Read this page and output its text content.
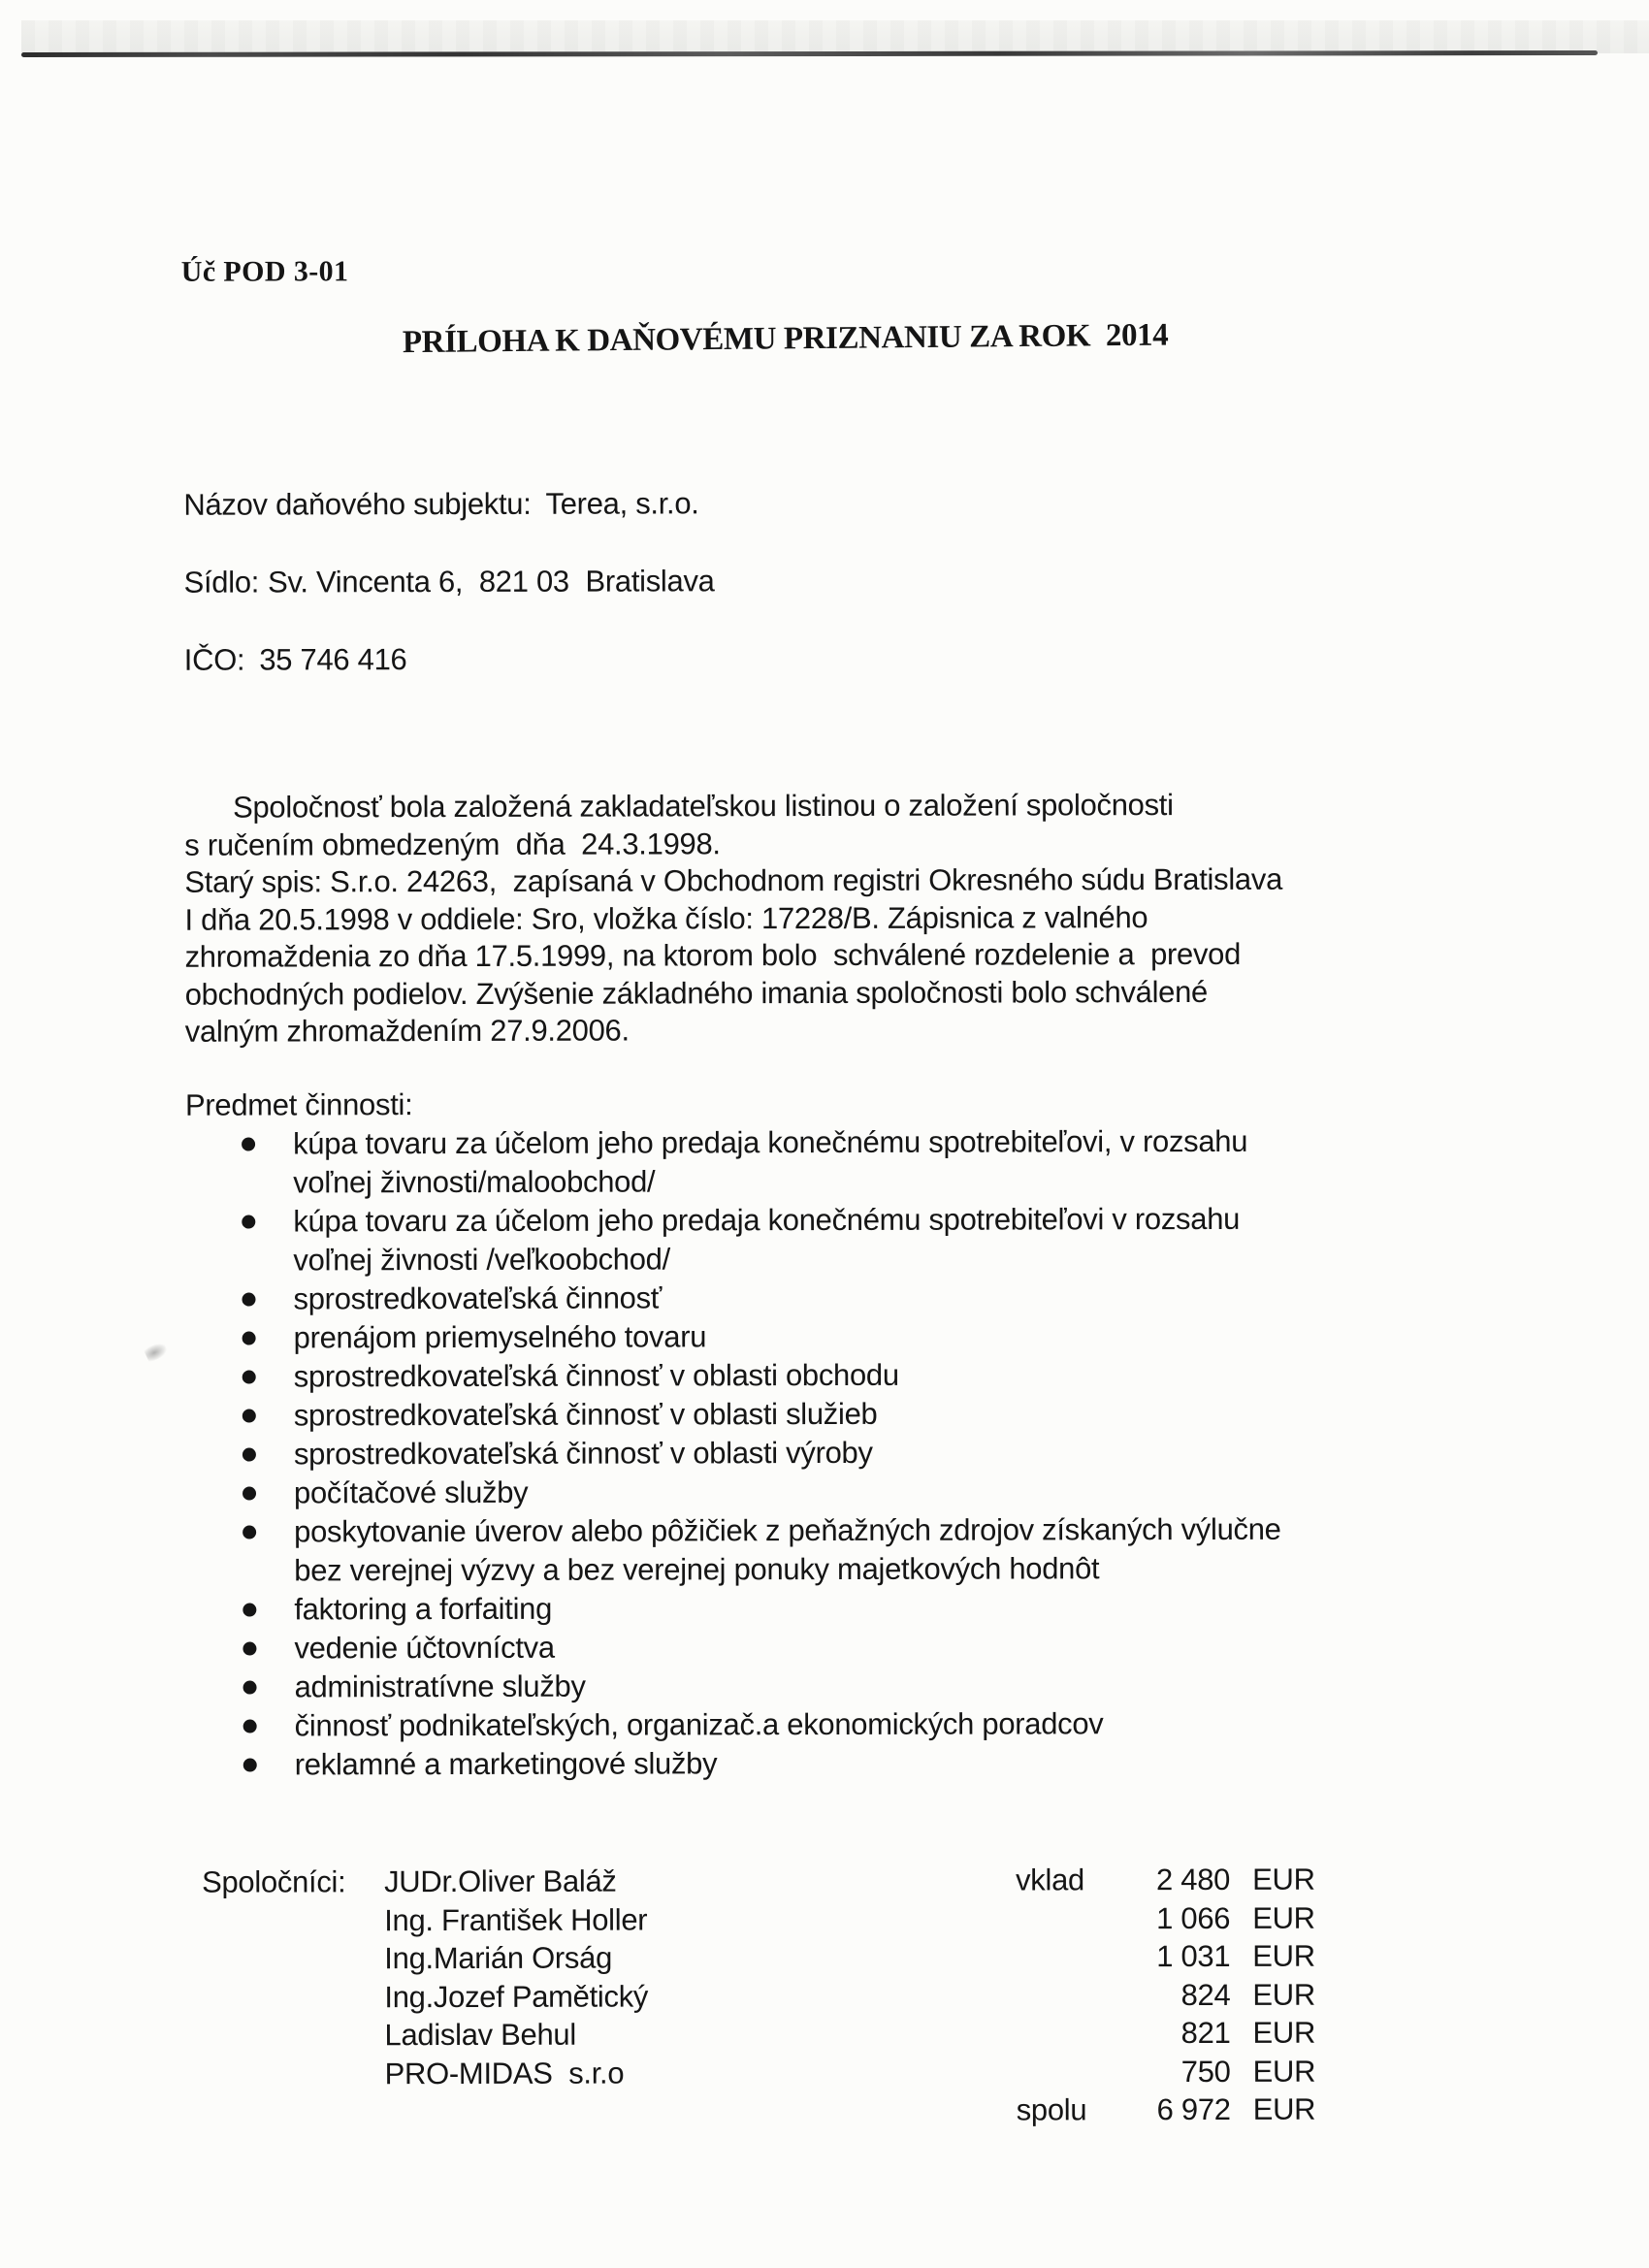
Úč POD 3-01
PRÍLOHA K DAŇOVÉMU PRIZNANIU ZA ROK  2014
Názov daňového subjektu: Terea, s.r.o.
Sídlo: Sv. Vincenta 6,  821 03  Bratislava
IČO: 35 746 416
Spoločnosť bola založená zakladateľskou listinou o založení spoločnosti
s ručením obmedzeným  dňa  24.3.1998.
Starý spis: S.r.o. 24263,  zapísaná v Obchodnom registri Okresného súdu Bratislava
I dňa 20.5.1998 v oddiele: Sro, vložka číslo: 17228/B. Zápisnica z valného
zhromaždenia zo dňa 17.5.1999, na ktorom bolo  schválené rozdelenie a  prevod
obchodných podielov. Zvýšenie základného imania spoločnosti bolo schválené
valným zhromaždením 27.9.2006.
Predmet činnosti:
kúpa tovaru za účelom jeho predaja konečnému spotrebiteľovi, v rozsahu
voľnej živnosti/maloobchod/
kúpa tovaru za účelom jeho predaja konečnému spotrebiteľovi v rozsahu
voľnej živnosti /veľkoobchod/
sprostredkovateľská činnosť
prenájom priemyselného tovaru
sprostredkovateľská činnosť v oblasti obchodu
sprostredkovateľská činnosť v oblasti služieb
sprostredkovateľská činnosť v oblasti výroby
počítačové služby
poskytovanie úverov alebo pôžičiek z peňažných zdrojov získaných výlučne
bez verejnej výzvy a bez verejnej ponuky majetkových hodnôt
faktoring a forfaiting
vedenie účtovníctva
administratívne služby
činnosť podnikateľských, organizač.a ekonomických poradcov
reklamné a marketingové služby
Spoločníci: JUDr.Oliver Baláž
Ing. František Holler
Ing.Marián Orság
Ing.Jozef Pamětický
Ladislav Behul
PRO-MIDAS  s.r.o
vklad	2 480 EUR
1 066 EUR
1 031 EUR
824 EUR
821 EUR
750 EUR
spolu	6 972 EUR
